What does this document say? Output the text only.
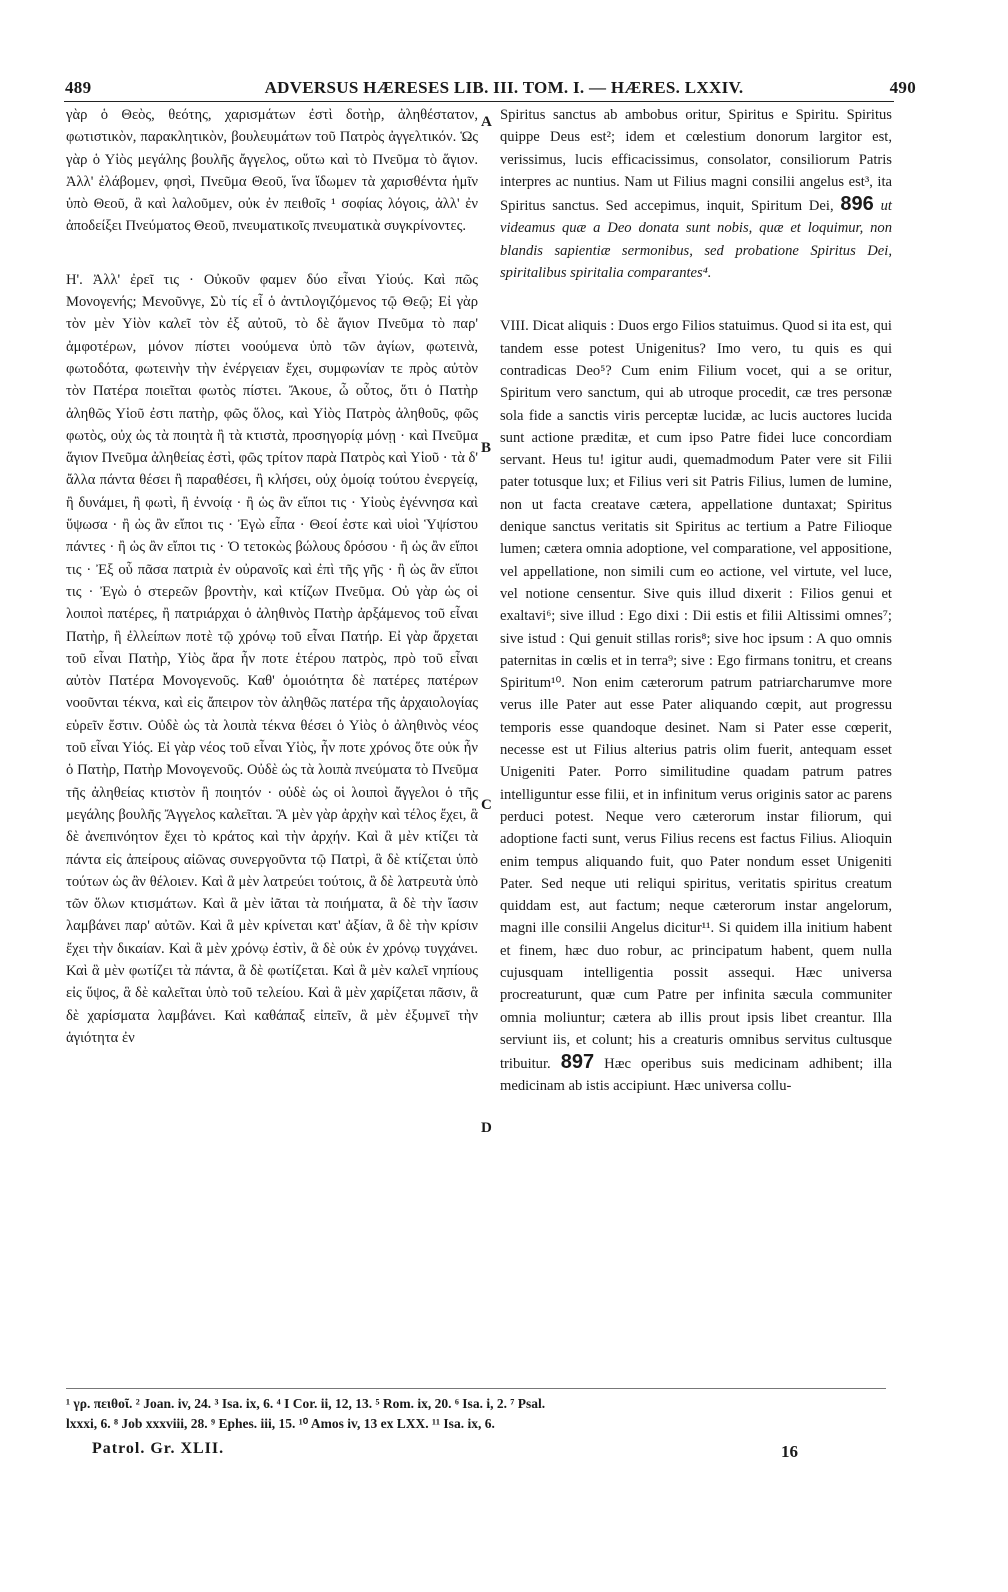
489	ADVERSUS HÆRESES LIB. III. TOM. I. — HÆRES. LXXIV.	490

γὰρ ὁ Θεὸς, θεότης, χαρισμάτων ἐστὶ δοτὴρ, ἀληθέστατον, φωτιστικὸν, παρακλητικὸν, βουλευμάτων τοῦ Πατρὸς ἀγγελτικόν. Ὡς γὰρ ὁ Υἱὸς μεγάλης βουλῆς ἄγγελος, οὕτω καὶ τὸ Πνεῦμα τὸ ἅγιον. Ἀλλ' ἐλάβομεν, φησὶ, Πνεῦμα Θεοῦ, ἵνα ἴδωμεν τὰ χαρισθέντα ἡμῖν ὑπὸ Θεοῦ, ἃ καὶ λαλοῦμεν, οὐκ ἐν πειθοῖς ¹ σοφίας λόγοις, ἀλλ' ἐν ἀποδείξει Πνεύματος Θεοῦ, πνευματικοῖς πνευματικὰ συγκρίνοντες.

Η'. Ἀλλ' ἐρεῖ τις · Οὐκοῦν φαμεν δύο εἶναι Υἱούς. Καὶ πῶς Μονογενής; Μενοῦνγε, Σὺ τίς εἶ ὁ ἀντιλογιζόμενος τῷ Θεῷ; Εἰ γὰρ τὸν μὲν Υἱὸν καλεῖ τὸν ἐξ αὐτοῦ, τὸ δὲ ἅγιον Πνεῦμα τὸ παρ' ἀμφοτέρων, μόνον πίστει νοούμενα ὑπὸ τῶν ἁγίων, φωτεινὰ, φωτοδότα, φωτεινὴν τὴν ἐνέργειαν ἔχει, συμφωνίαν τε πρὸς αὐτὸν τὸν Πατέρα ποιεῖται φωτὸς πίστει. Ἄκουε, ὦ οὗτος, ὅτι ὁ Πατὴρ ἀληθῶς Υἱοῦ ἐστι πατὴρ, φῶς ὅλος, καὶ Υἱὸς Πατρὸς ἀληθοῦς, φῶς φωτὸς, οὐχ ὡς τὰ ποιητὰ ἢ τὰ κτιστὰ, προσηγορίᾳ μόνῃ · καὶ Πνεῦμα ἅγιον Πνεῦμα ἀληθείας ἐστὶ, φῶς τρίτον παρὰ Πατρὸς καὶ Υἱοῦ · τὰ δ' ἄλλα πάντα θέσει ἢ παραθέσει, ἢ κλήσει, οὐχ ὁμοίᾳ τούτου ἐνεργείᾳ, ἢ δυνάμει, ἢ φωτὶ, ἢ ἐννοίᾳ · ἢ ὡς ἂν εἴποι τις · Υἱοὺς ἐγέννησα καὶ ὕψωσα · ἢ ὡς ἂν εἴποι τις · Ἐγὼ εἶπα · Θεοί ἐστε καὶ υἱοὶ Ὑψίστου πάντες · ἢ ὡς ἂν εἴποι τις · Ὁ τετοκὼς βώλους δρόσου · ἢ ὡς ἂν εἴποι τις · Ἐξ οὗ πᾶσα πατριὰ ἐν οὐρανοῖς καὶ ἐπὶ τῆς γῆς · ἢ ὡς ἂν εἴποι τις · Ἐγὼ ὁ στερεῶν βροντὴν, καὶ κτίζων Πνεῦμα. Οὐ γὰρ ὡς οἱ λοιποὶ πατέρες, ἢ πατριάρχαι ὁ ἀληθινὸς Πατὴρ ἀρξάμενος τοῦ εἶναι Πατὴρ, ἢ ἐλλείπων ποτὲ τῷ χρόνῳ τοῦ εἶναι Πατήρ. Εἰ γὰρ ἄρχεται τοῦ εἶναι Πατὴρ, Υἱὸς ἄρα ἦν ποτε ἑτέρου πατρὸς, πρὸ τοῦ εἶναι αὐτὸν Πατέρα Μονογενοῦς. Καθ' ὁμοιότητα δὲ πατέρες πατέρων νοοῦνται τέκνα, καὶ εἰς ἄπειρον τὸν ἀληθῶς πατέρα τῆς ἀρχαιολογίας εὑρεῖν ἔστιν. Οὐδὲ ὡς τὰ λοιπὰ τέκνα θέσει ὁ Υἱὸς ὁ ἀληθινὸς νέος τοῦ εἶναι Υἱός. Εἰ γὰρ νέος τοῦ εἶναι Υἱὸς, ἦν ποτε χρόνος ὅτε οὐκ ἦν ὁ Πατὴρ, Πατὴρ Μονογενοῦς. Οὐδὲ ὡς τὰ λοιπὰ πνεύματα τὸ Πνεῦμα τῆς ἀληθείας κτιστὸν ἢ ποιητόν · οὐδὲ ὡς οἱ λοιποὶ ἄγγελοι ὁ τῆς μεγάλης βουλῆς Ἄγγελος καλεῖται. Ἃ μὲν γὰρ ἀρχὴν καὶ τέλος ἔχει, ἃ δὲ ἀνεπινόητον ἔχει τὸ κράτος καὶ τὴν ἀρχήν. Καὶ ἃ μὲν κτίζει τὰ πάντα εἰς ἀπείρους αἰῶνας συνεργοῦντα τῷ Πατρὶ, ἃ δὲ κτίζεται ὑπὸ τούτων ὡς ἂν θέλοιεν. Καὶ ἃ μὲν λατρεύει τούτοις, ἃ δὲ λατρευτὰ ὑπὸ τῶν ὅλων κτισμάτων. Καὶ ἃ μὲν ἰᾶται τὰ ποιήματα, ἃ δὲ τὴν ἴασιν λαμβάνει παρ' αὐτῶν. Καὶ ἃ μὲν κρίνεται κατ' ἀξίαν, ἃ δὲ τὴν κρίσιν ἔχει τὴν δικαίαν. Καὶ ἃ μὲν χρόνῳ ἐστὶν, ἃ δὲ οὐκ ἐν χρόνῳ τυγχάνει. Καὶ ἃ μὲν φωτίζει τὰ πάντα, ἃ δὲ φωτίζεται. Καὶ ἃ μὲν καλεῖ νηπίους εἰς ὕψος, ἃ δὲ καλεῖται ὑπὸ τοῦ τελείου. Καὶ ἃ μὲν χαρίζεται πᾶσιν, ἃ δὲ χαρίσματα λαμβάνει. Καὶ καθάπαξ εἰπεῖν, ἃ μὲν ἐξυμνεῖ τὴν ἁγιότητα ἐν

A
B
C
D

Spiritus sanctus ab ambobus oritur, Spiritus e Spiritu. Spiritus quippe Deus est²; idem et cœlestium donorum largitor est, verissimus, lucis efficacissimus, consolator, consiliorum Patris interpres ac nuntius. Nam ut Filius magni consilii angelus est³, ita Spiritus sanctus. Sed accepimus, inquit, Spiritum Dei, 896 ut videamus quæ a Deo donata sunt nobis, quæ et loquimur, non blandis sapientiæ sermonibus, sed probatione Spiritus Dei, spiritalibus spiritalia comparantes⁴.

VIII. Dicat aliquis : Duos ergo Filios statuimus. Quod si ita est, qui tandem esse potest Unigenitus? Imo vero, tu quis es qui contradicas Deo⁵? Cum enim Filium vocet, qui a se oritur, Spiritum vero sanctum, qui ab utroque procedit, cæ tres personæ sola fide a sanctis viris perceptæ lucidæ, ac lucis auctores lucida sunt actione præditæ, et cum ipso Patre fidei luce concordiam servant. Heus tu! igitur audi, quemadmodum Pater vere sit Filii pater totusque lux; et Filius veri sit Patris Filius, lumen de lumine, non ut facta creatave cætera, appellatione duntaxat; Spiritus denique sanctus veritatis sit Spiritus ac tertium a Patre Filioque lumen; cætera omnia adoptione, vel comparatione, vel appositione, vel appellatione, non simili cum eo actione, vel virtute, vel luce, vel notione censentur. Sive quis illud dixerit : Filios genui et exaltavi⁶; sive illud : Ego dixi : Dii estis et filii Altissimi omnes⁷; sive istud : Qui genuit stillas roris⁸; sive hoc ipsum : A quo omnis paternitas in cœlis et in terra⁹; sive : Ego firmans tonitru, et creans Spiritum¹⁰. Non enim cæterorum patrum patriarcharumve more verus ille Pater aut esse Pater aliquando cœpit, aut progressu temporis esse quandoque desinet. Nam si Pater esse cœperit, necesse est ut Filius alterius patris olim fuerit, antequam esset Unigeniti Pater. Porro similitudine quadam patrum patres intelliguntur esse filii, et in infinitum verus originis sator ac parens perduci potest. Neque vero cæterorum instar filiorum, qui adoptione facti sunt, verus Filius recens est factus Filius. Alioquin enim tempus aliquando fuit, quo Pater nondum esset Unigeniti Pater. Sed neque uti reliqui spiritus, veritatis spiritus creatum quiddam est, aut factum; neque cæterorum instar angelorum, magni ille consilii Angelus dicitur¹¹. Si quidem illa initium habent et finem, hæc duo robur, ac principatum habent, quem nulla cujusquam intelligentia possit assequi. Hæc universa procreaturunt, quæ cum Patre per infinita sæcula communiter omnia moliuntur; cætera ab illis prout ipsis libet creantur. Illa serviunt iis, et colunt; his a creaturis omnibus servitus cultusque tribuitur. 897 Hæc operibus suis medicinam adhibent; illa medicinam ab istis accipiunt. Hæc universa collu-

¹ γρ. πειθοῖ. ² Joan. iv, 24. ³ Isa. ix, 6. ⁴ I Cor. ii, 12, 13. ⁵ Rom. ix, 20. ⁶ Isa. i, 2. ⁷ Psal.
lxxxi, 6. ⁸ Job xxxviii, 28. ⁹ Ephes. iii, 15. ¹⁰ Amos iv, 13 ex LXX. ¹¹ Isa. ix, 6.
Patrol. Gr. XLII.	16
